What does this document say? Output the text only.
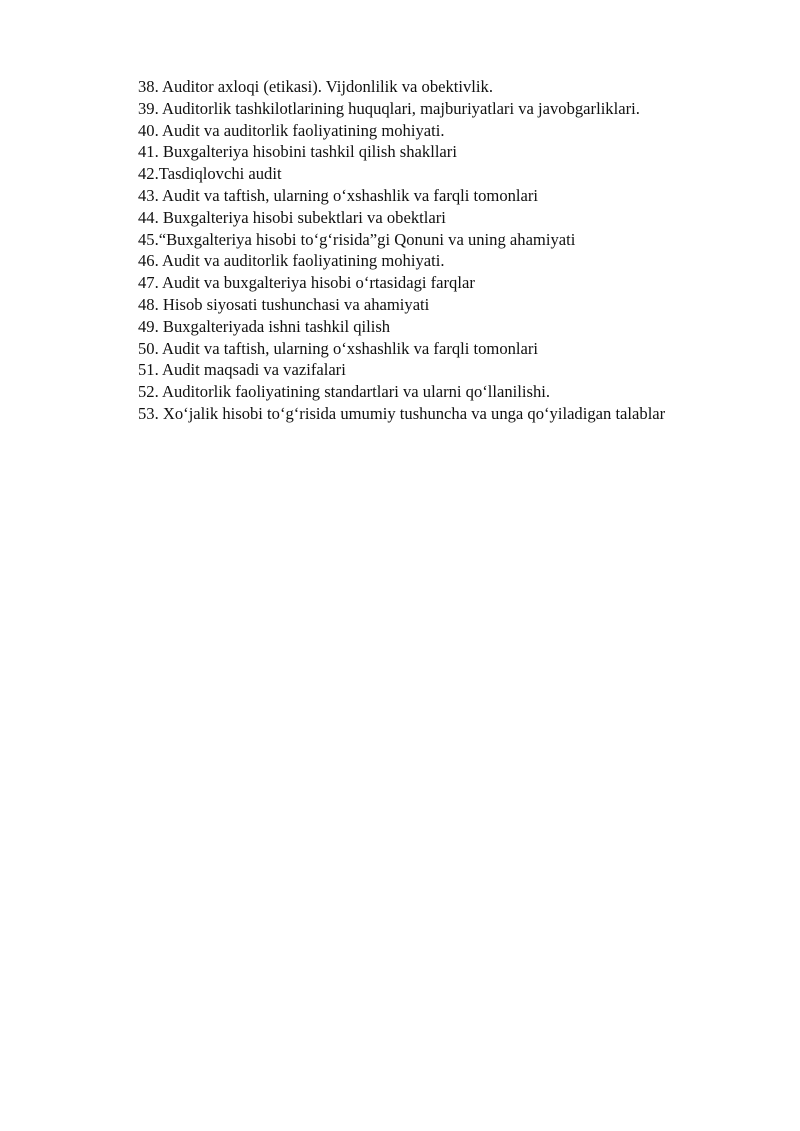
38. Auditor axloqi (etikasi). Vijdonlilik va obektivlik.
39. Auditorlik tashkilotlarining huquqlari, majburiyatlari va javobgarliklari.
40. Audit va auditorlik faoliyatining mohiyati.
41. Buxgalteriya hisobini tashkil qilish shakllari
42.Tasdiqlovchi audit
43. Audit va taftish, ularning o‘xshashlik va farqli tomonlari
44. Buxgalteriya hisobi subektlari va obektlari
45.“Buxgalteriya hisobi to‘g‘risida”gi Qonuni va uning ahamiyati
46. Audit va auditorlik faoliyatining mohiyati.
47. Audit va buxgalteriya hisobi o‘rtasidagi farqlar
48. Hisob siyosati tushunchasi va ahamiyati
49. Buxgalteriyada ishni tashkil qilish
50. Audit va taftish, ularning o‘xshashlik va farqli tomonlari
51. Audit maqsadi va vazifalari
52. Auditorlik faoliyatining standartlari va ularni qo‘llanilishi.
53. Xo‘jalik hisobi to‘g‘risida umumiy tushuncha va unga qo‘yiladigan talablar
